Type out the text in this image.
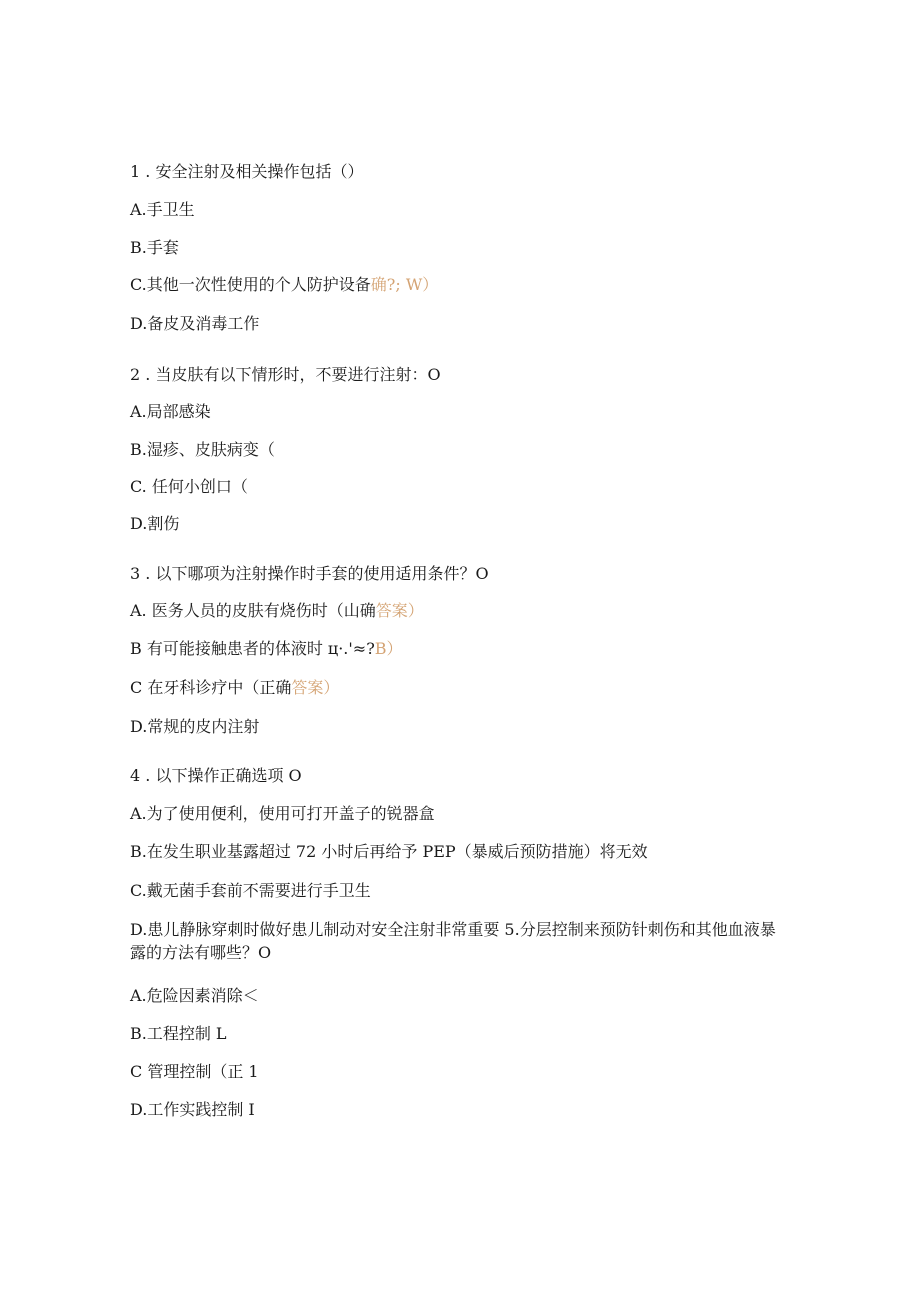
1 . 安全注射及相关操作包括（）
A.手卫生
B.手套
C.其他一次性使用的个人防护设备确?; W）
D.备皮及消毒工作
2 . 当皮肤有以下情形时，不要进行注射：O
A.局部感染
B.湿疹、皮肤病变（
C. 任何小创口（
D.割伤
3 . 以下哪项为注射操作时手套的使用适用条件？O
A. 医务人员的皮肤有烧伤时（山确答案）
B 有可能接触患者的体液时 ц·.'≈?B）
C 在牙科诊疗中（正确答案）
D.常规的皮内注射
4 . 以下操作正确选项 O
A.为了使用便利，使用可打开盖子的锐器盒
B.在发生职业基露超过 72 小时后再给予 PEP（暴威后预防措施）将无效
C.戴无菌手套前不需要进行手卫生
D.患儿静脉穿刺时做好患儿制动对安全注射非常重要 5.分层控制来预防针刺伤和其他血液暴露的方法有哪些？O
A.危险因素消除＜
B.工程控制 L
C 管理控制（正 1
D.工作实践控制 I
